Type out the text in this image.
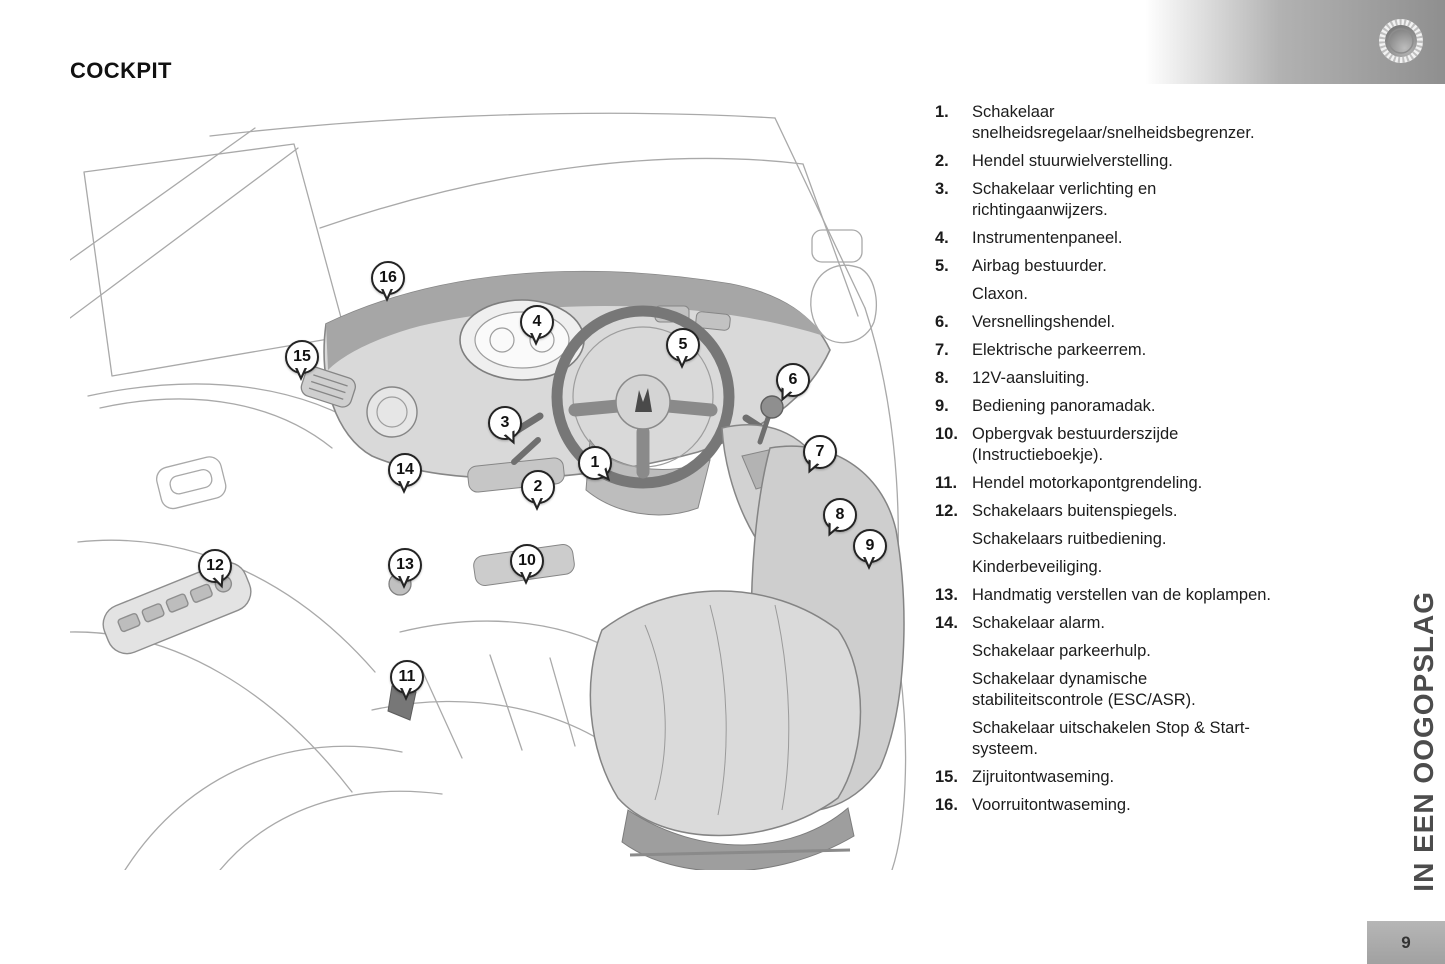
COCKPIT
1
2
3
4
5
6
7
8
9
10
11
12	13
14
15
16
1.	Schakelaar snelheidsregelaar/snelheidsbegrenzer.

2.	Hendel stuurwielverstelling.

3.	Schakelaar verlichting en richtingaanwijzers.

4.	Instrumentenpaneel.

5.	Airbag bestuurder.

Claxon.

6.	Versnellingshendel.

7.	Elektrische parkeerrem.

8.	12V-aansluiting.

9.	Bediening panoramadak.

10. Opbergvak bestuurderszijde (Instructieboekje).

11. Hendel motorkapontgrendeling.

12. Schakelaars buitenspiegels.

Schakelaars ruitbediening.

Kinderbeveiliging.

13. Handmatig verstellen van de koplampen.

14. Schakelaar alarm.

Schakelaar parkeerhulp.

Schakelaar dynamische stabiliteitscontrole (ESC/ASR).

Schakelaar uitschakelen Stop & Start-systeem.

15. Zijruitontwaseming.

16. Voorruitontwaseming.	IN EEN OOGOPSLAG
9
